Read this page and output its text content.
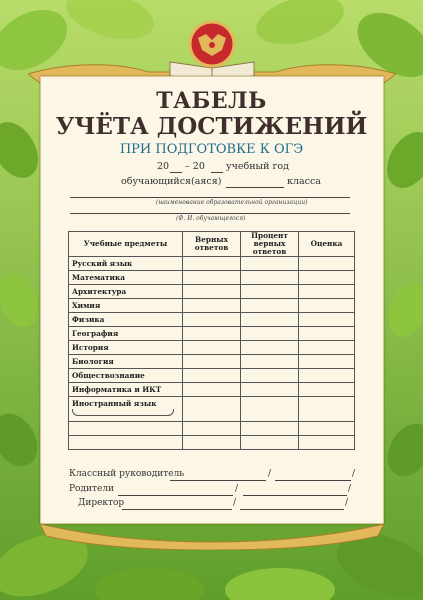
ТАБЕЛЬ
УЧЁТА ДОСТИЖЕНИЙ
ПРИ ПОДГОТОВКЕ К ОГЭ
20 – 20 учебный год
обучающийся(аяся)	класса
(наименование образовательной организации)
(Ф. И. обучающегося)
Учебные предметы	Верных ответов	Процент верных ответов	Оценка
Русский язык			
Математика			
Архитектура			
Химия			
Физика			
География			
История			
Биология			
Обществознание			
Информатика и ИКТ			
Иностранный язык

Классный руководитель	/	/
Родители	/	/
Директор	/	/
